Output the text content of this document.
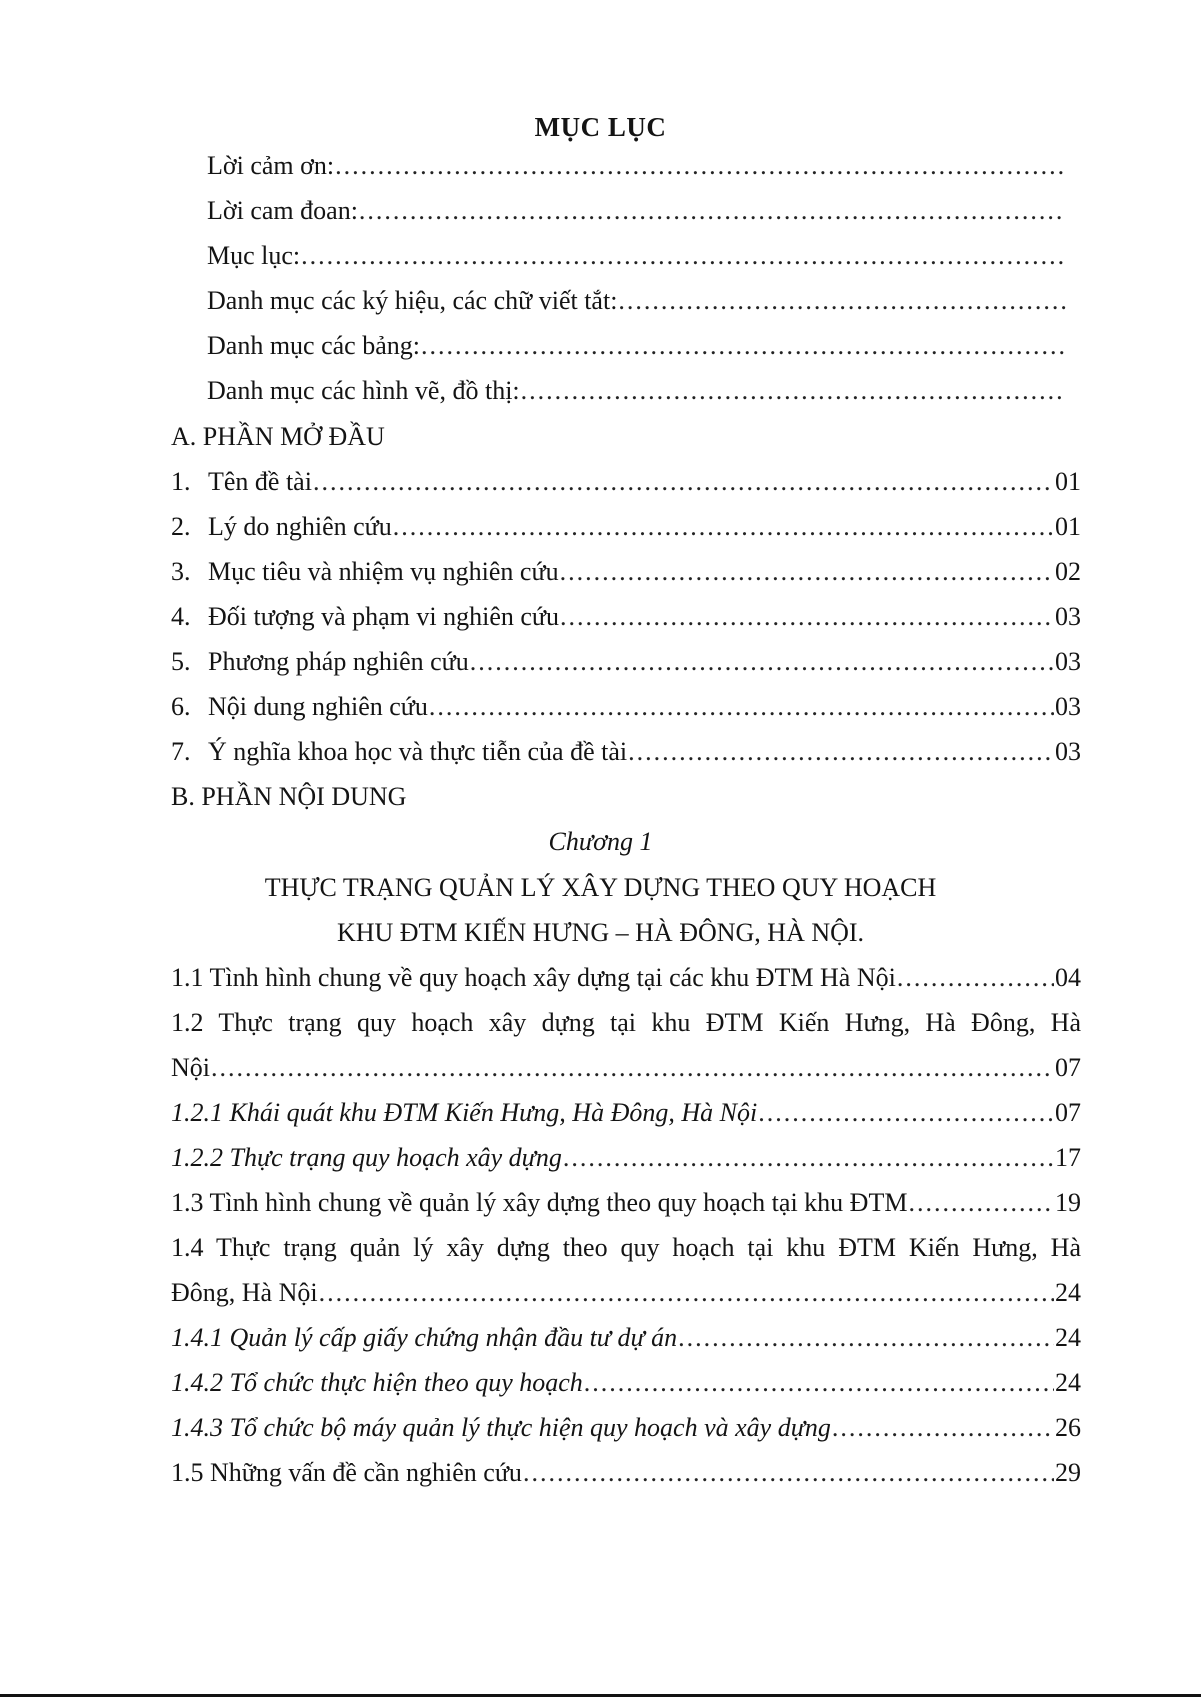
MỤC LỤC
Lời cảm ơn:
.....
Lời cam đoan:
.....
Mục lục:
.....
Danh mục các ký hiệu, các chữ viết tắt:
.....
Danh mục các bảng:
.....
Danh mục các hình vẽ, đồ thị:
.....
A. PHẦN MỞ ĐẦU
1. Tên đề tài .....	01
2. Lý do nghiên cứu .....	01
3. Mục tiêu và nhiệm vụ nghiên cứu .....	02
4. Đối tượng và phạm vi nghiên cứu .....	03
5. Phương pháp nghiên cứu .....	03
6. Nội dung nghiên cứu .....	03
7. Ý nghĩa khoa học và thực tiễn của đề tài .....	03
B. PHẦN NỘI DUNG
Chương 1
THỰC TRẠNG QUẢN LÝ XÂY DỰNG THEO QUY HOẠCH
KHU ĐTM KIẾN HƯNG – HÀ ĐÔNG, HÀ NỘI.
1.1 Tình hình chung về quy hoạch xây dựng tại các khu ĐTM Hà Nội .....	04
1.2 Thực trạng quy hoạch xây dựng tại khu ĐTM Kiến Hưng, Hà Đông, Hà
Nội .....	07
1.2.1 Khái quát khu ĐTM Kiến Hưng, Hà Đông, Hà Nội .....	07
1.2.2 Thực trạng quy hoạch xây dựng .....	17
1.3 Tình hình chung về quản lý xây dựng theo quy hoạch tại khu ĐTM .....	19
1.4 Thực trạng quản lý xây dựng theo quy hoạch tại khu ĐTM Kiến Hưng, Hà
Đông, Hà Nội .....	24
1.4.1 Quản lý cấp giấy chứng nhận đầu tư dự án .....	24
1.4.2 Tổ chức thực hiện theo quy hoạch .....	24
1.4.3 Tổ chức bộ máy quản lý thực hiện quy hoạch và xây dựng .....	26
1.5 Những vấn đề cần nghiên cứu .....	29
